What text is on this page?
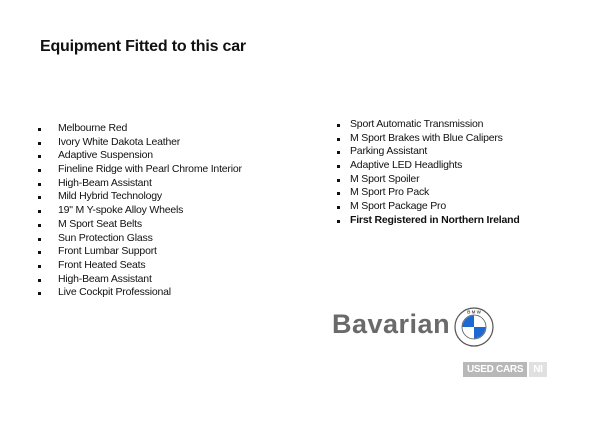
Equipment Fitted to this car
Melbourne Red
Ivory White Dakota Leather
Adaptive Suspension
Fineline Ridge with Pearl Chrome Interior
High-Beam Assistant
Mild Hybrid Technology
19" M Y-spoke Alloy Wheels
M Sport Seat Belts
Sun Protection Glass
Front Lumbar Support
Front Heated Seats
High-Beam Assistant
Live Cockpit Professional
Sport Automatic Transmission
M Sport Brakes with Blue Calipers
Parking Assistant
Adaptive LED Headlights
M Sport Spoiler
M Sport Pro Pack
M Sport Package Pro
First Registered in Northern Ireland
Bavarian	B M W
USED CARS	NI
